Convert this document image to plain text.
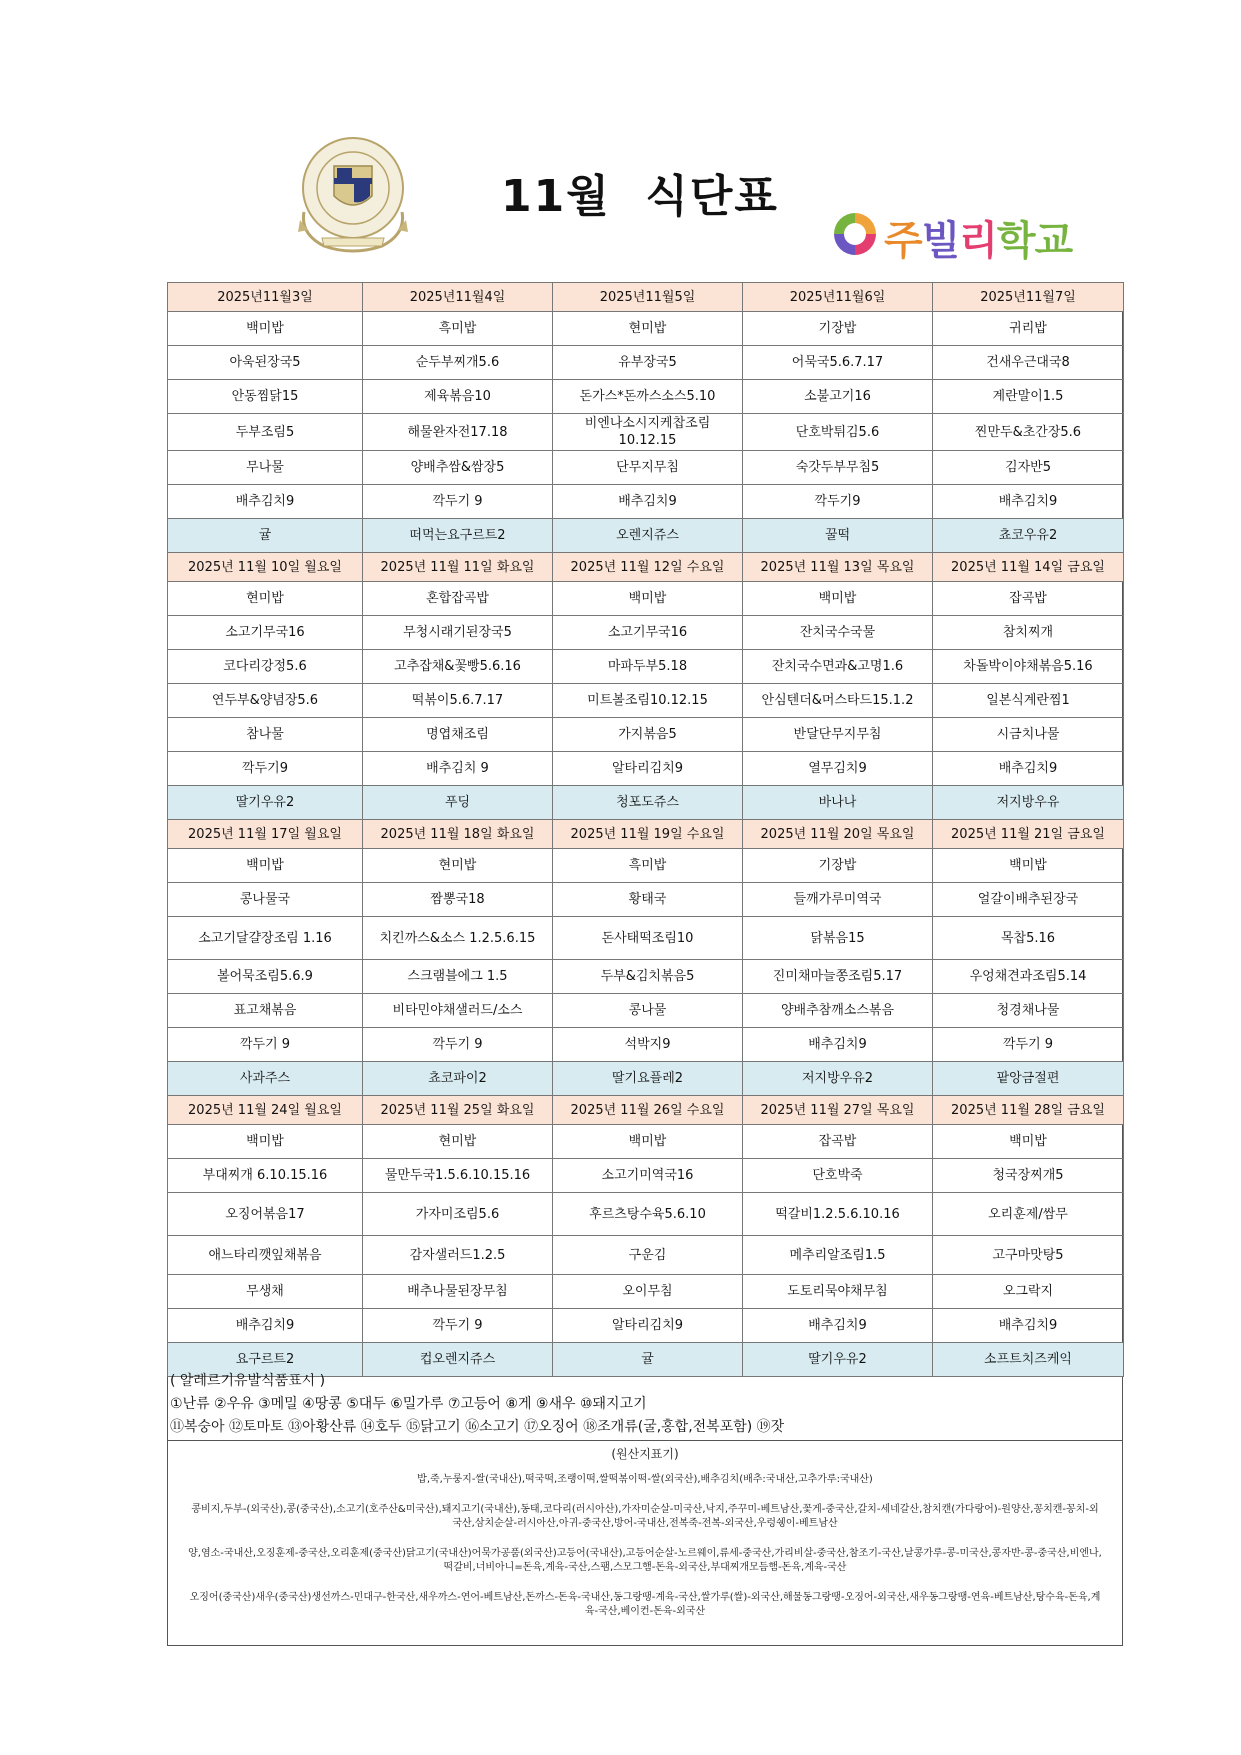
11월  식단표
주빌리학교
2025년11월3일	2025년11월4일	2025년11월5일	2025년11월6일	2025년11월7일
백미밥	흑미밥	현미밥	기장밥	귀리밥
아욱된장국5	순두부찌개5.6	유부장국5	어묵국5.6.7.17	건새우근대국8
안동찜닭15	제육볶음10	돈가스*돈까스소스5.10	소불고기16	계란말이1.5
두부조림5	해물완자전17.18	비엔나소시지케찹조림 10.12.15	단호박튀김5.6	찐만두&초간장5.6
무나물	양배추쌈&쌈장5	단무지무침	숙갓두부무침5	김자반5
배추김치9	깍두기 9	배추김치9	깍두기9	배추김치9
귤	떠먹는요구르트2	오렌지쥬스	꿀떡	쵸코우유2
2025년 11월 10일 월요일	2025년 11월 11일 화요일	2025년 11월 12일 수요일	2025년 11월 13일 목요일	2025년 11월 14일 금요일
현미밥	혼합잡곡밥	백미밥	백미밥	잡곡밥
소고기무국16	무청시래기된장국5	소고기무국16	잔치국수국물	참치찌개
코다리강정5.6	고추잡채&꽃빵5.6.16	마파두부5.18	잔치국수면과&고명1.6	차돌박이야채볶음5.16
연두부&양념장5.6	떡볶이5.6.7.17	미트볼조림10.12.15	안심텐더&머스타드15.1.2	일본식계란찜1
참나물	명엽채조림	가지볶음5	반달단무지무침	시금치나물
깍두기9	배추김치 9	알타리김치9	열무김치9	배추김치9
딸기우유2	푸딩	청포도쥬스	바나나	저지방우유
2025년 11월 17일 월요일	2025년 11월 18일 화요일	2025년 11월 19일 수요일	2025년 11월 20일 목요일	2025년 11월 21일 금요일
백미밥	현미밥	흑미밥	기장밥	백미밥
콩나물국	짬뽕국18	황태국	들깨가루미역국	얼갈이배추된장국
소고기달걀장조림 1.16	치킨까스&소스 1.2.5.6.15	돈사태떡조림10	닭볶음15	목찹5.16
볼어묵조림5.6.9	스크램블에그 1.5	두부&김치볶음5	진미채마늘쫑조림5.17	우엉채견과조림5.14
표고채볶음	비타민야채샐러드/소스	콩나물	양배추참깨소스볶음	청경채나물
깍두기 9	깍두기 9	석박지9	배추김치9	깍두기 9
사과주스	쵸코파이2	딸기요플레2	저지방우유2	팥앙금절편
2025년 11월 24일 월요일	2025년 11월 25일 화요일	2025년 11월 26일 수요일	2025년 11월 27일 목요일	2025년 11월 28일 금요일
백미밥	현미밥	백미밥	잡곡밥	백미밥
부대찌개 6.10.15.16	물만두국1.5.6.10.15.16	소고기미역국16	단호박죽	청국장찌개5
오징어볶음17	가자미조림5.6	후르츠탕수육5.6.10	떡갈비1.2.5.6.10.16	오리훈제/쌈무
애느타리깻잎채볶음	감자샐러드1.2.5	구운김	메추리알조림1.5	고구마맛탕5
무생채	배추나물된장무침	오이무침	도토리묵야채무침	오그락지
배추김치9	깍두기 9	알타리김치9	배추김치9	배추김치9
요구르트2	컵오렌지쥬스	귤	딸기우유2	소프트치즈케익
( 알레르기유발식품표시 )
①난류 ②우유 ③메밀 ④땅콩 ⑤대두 ⑥밀가루 ⑦고등어 ⑧게 ⑨새우 ⑩돼지고기
⑪복숭아 ⑫토마토 ⑬아황산류 ⑭호두 ⑮닭고기 ⑯소고기 ⑰오징어 ⑱조개류(굴,홍합,전복포함) ⑲잣
(원산지표기)
밥,죽,누룽지-쌀(국내산),떡국떡,조랭이떡,쌀떡볶이떡-쌀(외국산),배추김치(배추:국내산,고추가루:국내산)
콩비지,두부-(외국산),콩(중국산),소고기(호주산&미국산),돼지고기(국내산),동태,코다리(러시아산),가자미순살-미국산,낙지,주꾸미-베트남산,꽃게-중국산,갈치-세네갈산,참치캔(가다랑어)-원양산,꽁치캔-꽁치-외국산,삼치순살-러시아산,아귀-중국산,방어-국내산,전복죽-전복-외국산,우렁쉥이-베트남산
양,염소-국내산,오징훈제-중국산,오리훈제(중국산)닭고기(국내산)어묵가공품(외국산)고등어(국내산),고등어순살-노르웨이,류세-중국산,가리비살-중국산,참조기-국산,날콩가루-콩-미국산,콩자반-콩-중국산,비엔나,떡갈비,너비아니=돈육,계육-국산,스팸,스모그햄-돈육-외국산,부대찌개모듬햄-돈육,계육-국산
오징어(중국산)새우(중국산)생선까스-민대구-한국산,새우까스-연어-베트남산,돈까스-돈육-국내산,동그랑땡-계육-국산,쌀가루(쌀)-외국산,해물동그랑땡-오징어-외국산,새우동그랑땡-연육-베트남산,탕수육-돈육,계육-국산,베이컨-돈육-외국산
